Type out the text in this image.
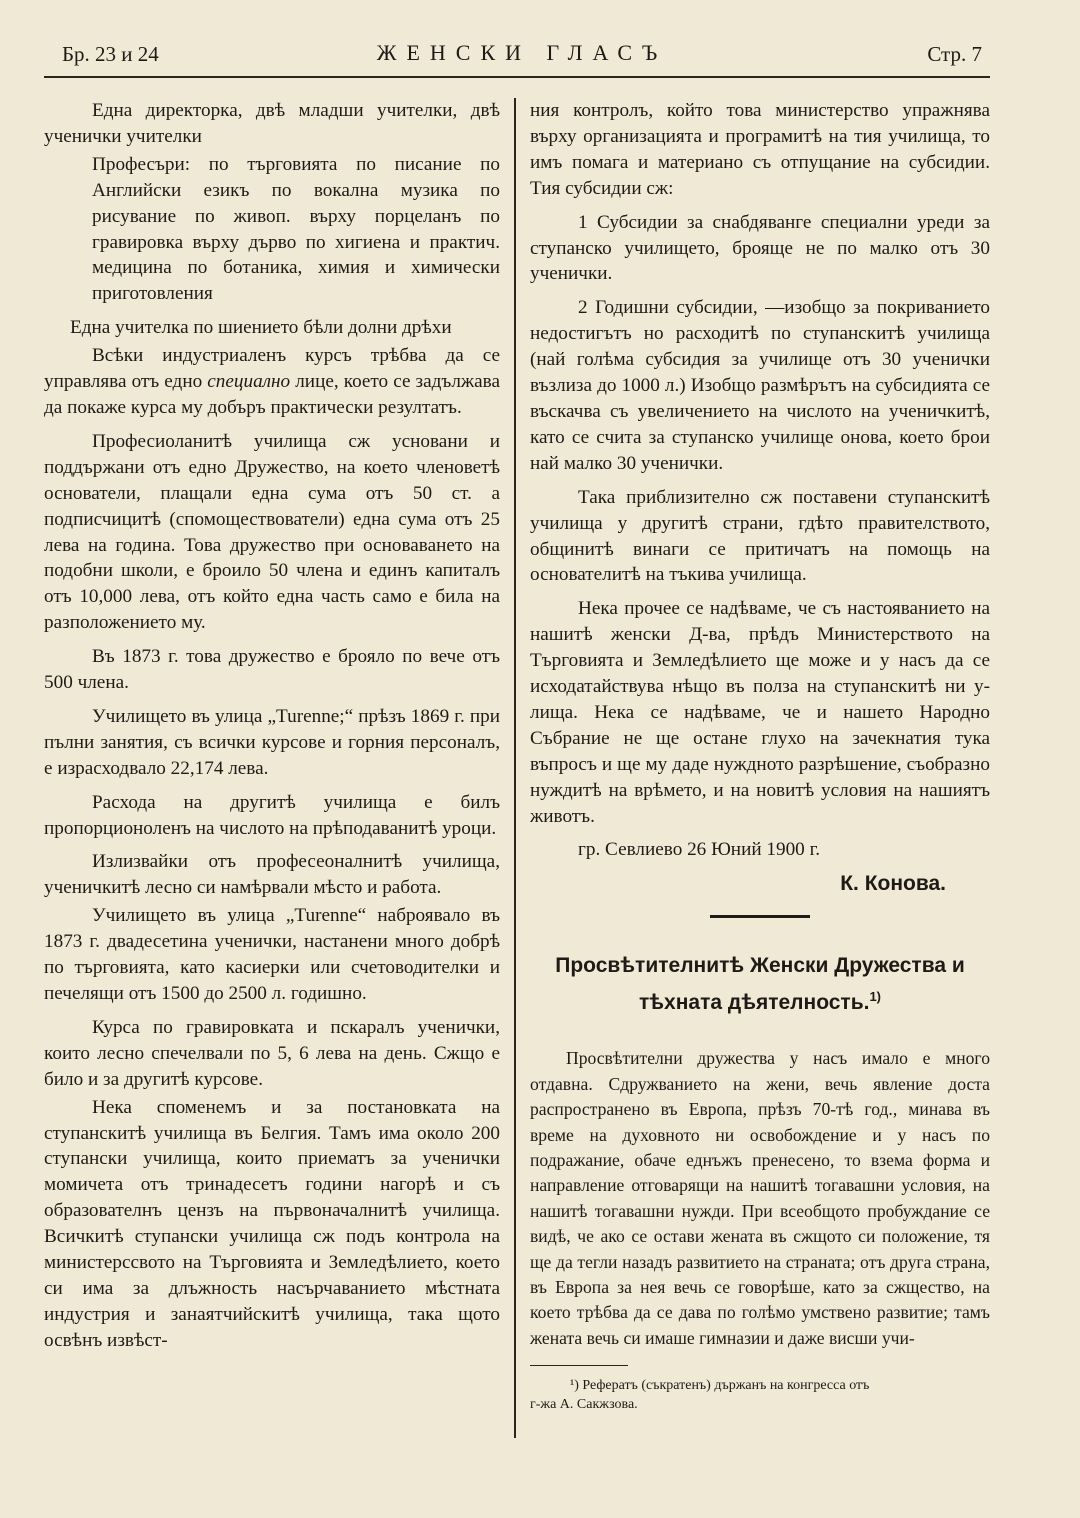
Бр. 23 и 24	ЖЕНСКИ ГЛАСЪ	Стр. 7

Една директорка, двѣ младши учителки, двѣ ученички учителки

Професъри: по търговията по писание по Английски езикъ по вокална музика по рисувание по живоп. върху порцеланъ по гравировка върху дърво по хигиена и практич. медицина по ботаника, химия и химически приготовления

Една учителка по шиението бѣли долни дрѣхи

Всѣки индустриаленъ курсъ трѣбва да се управлява отъ едно специално лице, което се задължава да покаже курса му добъръ практически резултатъ.

Професиоланитѣ училища сж усновани и поддържани отъ едно Дружество, на което членоветѣ основатели, плащали една сума отъ 50 ст. а подписчицитѣ (спомоществователи) една сума отъ 25 лева на година. Това дружество при основаването на подобни школи, е броило 50 члена и единъ капиталъ отъ 10,000 лева, отъ който една часть само е била на разположението му.

Въ 1873 г. това дружество е брояло по вече отъ 500 члена.

Училището въ улица „Turenne;“ прѣзъ 1869 г. при пълни занятия, съ всички курсове и горния персоналъ, е израсходвало 22,174 лева.

Расхода на другитѣ училища е билъ пропорционоленъ на числото на прѣподаванитѣ уроци.

Излизвайки отъ професеоналнитѣ училища, ученичкитѣ лесно си намѣрвали мѣсто и работа.

Училището въ улица „Turenne“ наброявало въ 1873 г. двадесетина ученички, настанени много добрѣ по търговията, като касиерки или счетоводителки и печелящи отъ 1500 до 2500 л. годишно.

Курса по гравировката и пскаралъ ученички, които лесно спечелвали по 5, 6 лева на день. Сжщо е било и за другитѣ курсове.

Нека споменемъ и за постановката на ступанскитѣ училища въ Белгия. Тамъ има около 200 ступански училища, които приематъ за ученички момичета отъ тринадесетъ години нагорѣ и съ образователнъ цензъ на първоначалнитѣ училища. Всичкитѣ ступански училища сж подъ контрола на министерссвото на Търговията и Земледѣлието, което си има за длъжность насърчаванието мѣстната индустрия и занаятчийскитѣ училища, така щото освѣнъ извѣст-

ния контролъ, който това министерство упражнява върху организацията и програмитѣ на тия училища, то имъ помага и материано съ отпущание на субсидии. Тия субсидии сж:

1 Субсидии за снабдяванге специални уреди за ступанско училището, брояще не по малко отъ 30 ученички.

2 Годишни субсидии, —изобщо за покриванието недостигътъ но расходитѣ по ступанскитѣ училища (най голѣма субсидия за училище отъ 30 ученички възлиза до 1000 л.) Изобщо размѣрътъ на субсидията се въскачва съ увеличението на числото на ученичкитѣ, като се счита за ступанско училище онова, което брои най малко 30 ученички.

Така приблизително сж поставени ступанскитѣ училища у другитѣ страни, гдѣто правителството, общинитѣ винаги се притичатъ на помощь на основателитѣ на тъкива училища.

Нека прочее се надѣваме, че съ настояванието на нашитѣ женски Д-ва, прѣдъ Министерството на Търговията и Земледѣлието ще може и у насъ да се исходатайствува нѣщо въ полза на ступанскитѣ ни у-лища. Нека се надѣваме, че и нашето Народно Събрание не ще остане глухо на зачекнатия тука въпросъ и ще му даде нуждното разрѣшение, съобразно нуждитѣ на врѣмето, и на новитѣ условия на нашиятъ животъ.

гр. Севлиево 26 Юний 1900 г.

К. Конова.
Просвѣтителнитѣ Женски Дружества и тѣхната дѣятелность.$^{1)}$

Просвѣтителни дружества у насъ имало е много отдавна. Сдружванието на жени, вечь явление доста распространено въ Европа, прѣзъ 70-тѣ год., минава въ време на духовното ни освобождение и у насъ по подражание, обаче еднъжъ пренесено, то взема форма и направление отговарящи на нашитѣ тогавашни условия, на нашитѣ тогавашни нужди. При всеобщото пробуждание се видѣ, че ако се остави жената въ сжщото си положение, тя ще да тегли назадъ развитието на страната; отъ друга страна, въ Европа за нея вечь се говорѣше, като за сжщество, на което трѣбва да се дава по голѣмо умствено развитие; тамъ жената вечь си имаше гимназии и даже висши учи-

¹) Рефератъ (съкратенъ) държанъ на конгресса отъ
г-жа А. Сакжзова.
